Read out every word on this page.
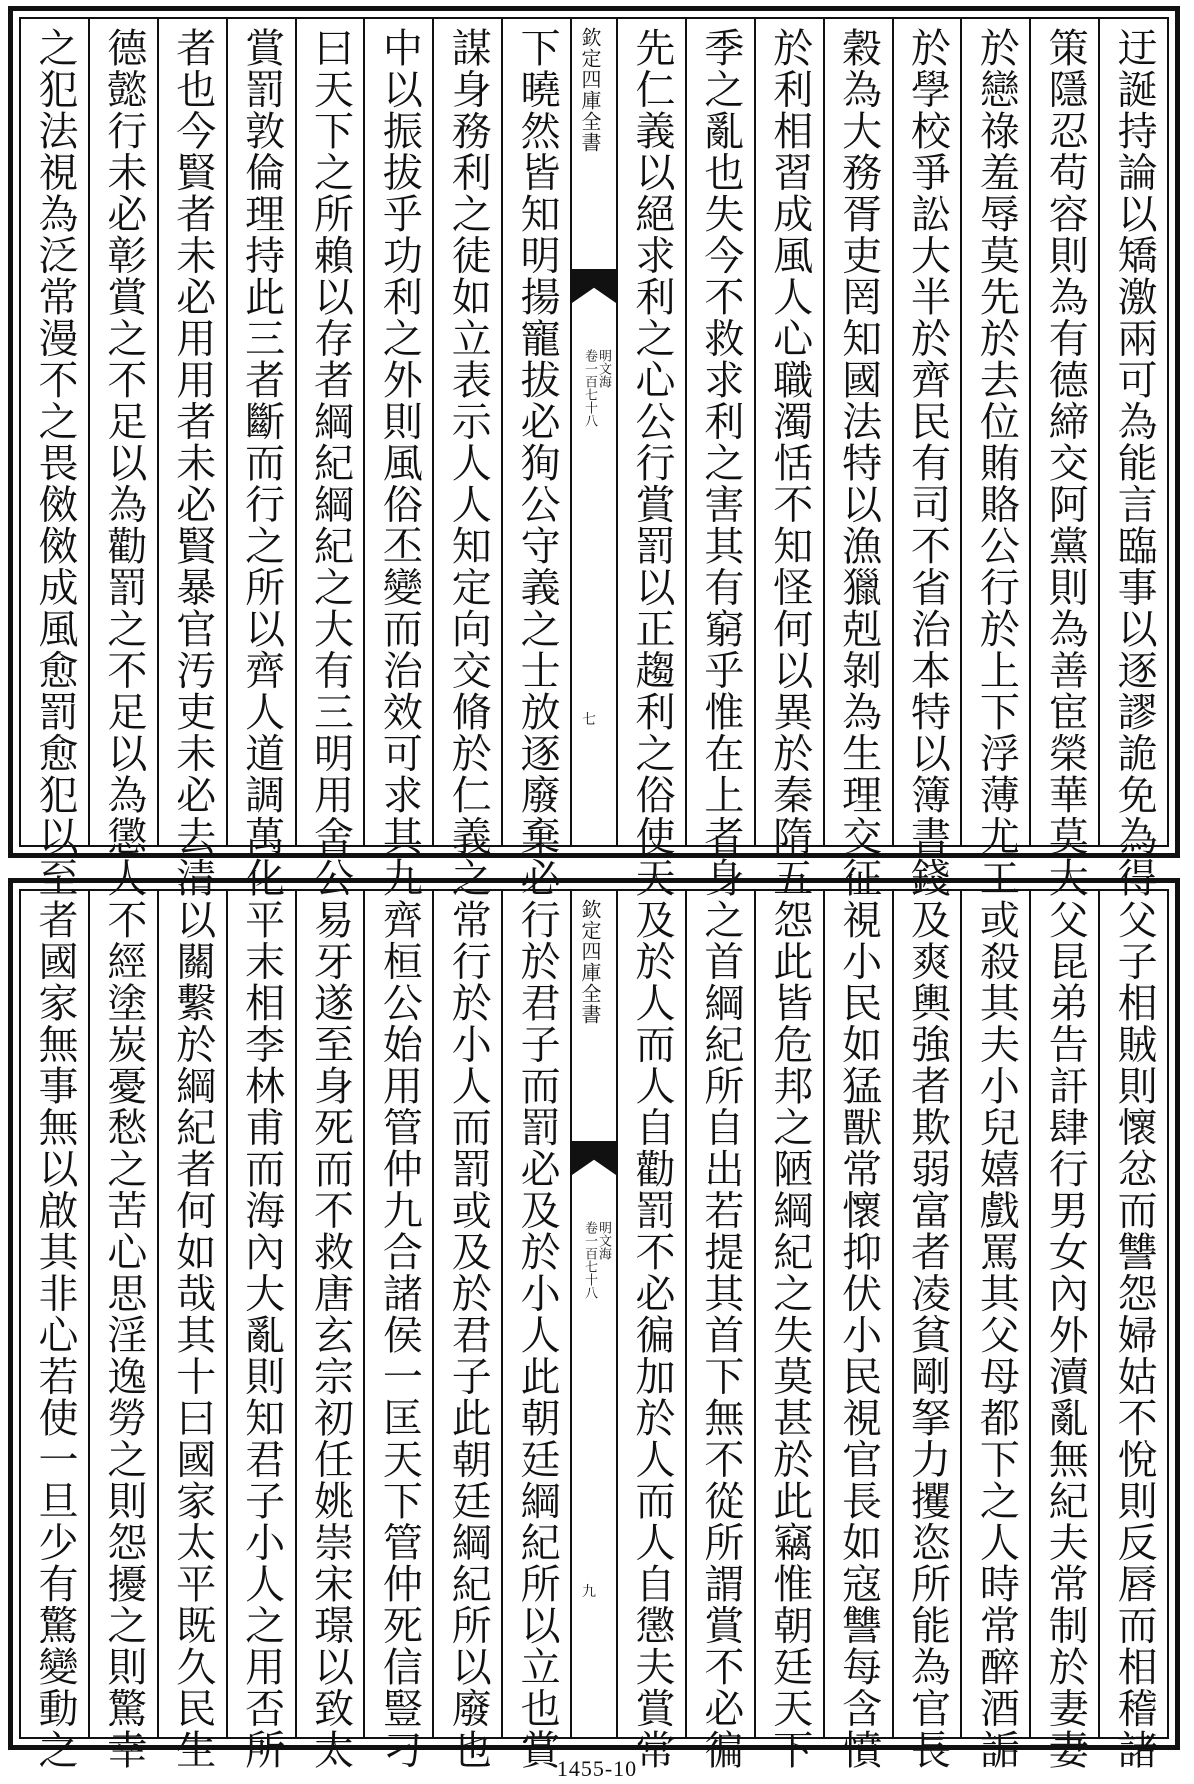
迂誕持論以矯激兩可為能言臨事以逐謬詭免為得
策隱忍苟容則為有德締交阿黨則為善宦榮華莫大
於戀祿羞辱莫先於去位賄賂公行於上下浮薄尤工
於學校爭訟大半於齊民有司不省治本特以簿書錢
穀為大務胥吏罔知國法特以漁獵剋剝為生理交征
於利相習成風人心職濁恬不知怪何以異於秦隋五
季之亂也失今不救求利之害其有窮乎惟在上者身
先仁義以絕求利之心公行賞罰以正趨利之俗使天
欽定四庫全書
卷一百七十八 明文海
七
下曉然皆知明揚寵拔必狥公守義之士放逐廢棄必
謀身務利之徒如立表示人人知定向交脩於仁義之
中以振拔乎功利之外則風俗丕變而治效可求其九
曰天下之所賴以存者綱紀綱紀之大有三明用舍公
賞罰敦倫理持此三者斷而行之所以齊人道調萬化
者也今賢者未必用用者未必賢暴官汚吏未必去清
德懿行未必彰賞之不足以為勸罰之不足以為懲人
之犯法視為泛常漫不之畏傚傚成風愈罰愈犯以至
父子相賊則懷忿而讐怨婦姑不悅則反唇而相稽諸
父昆弟告訐肆行男女內外瀆亂無紀夫常制於妻妻
或殺其夫小兒嬉戲罵其父母都下之人時常醉酒詬
及爽輿強者欺弱富者凌貧剛拏力攫恣所能為官長
視小民如猛獸常懷抑伏小民視官長如寇讐每含憤
怨此皆危邦之陋綱紀之失莫甚於此竊惟朝廷天下
之首綱紀所自出若提其首下無不從所謂賞不必徧
及於人而人自勸罰不必徧加於人而人自懲夫賞常
欽定四庫全書
卷一百七十八 明文海
九
行於君子而罰必及於小人此朝廷綱紀所以立也賞
常行於小人而罰或及於君子此朝廷綱紀所以廢也
齊桓公始用管仲九合諸侯一匡天下管仲死信豎刁
易牙遂至身死而不救唐玄宗初任姚崇宋璟以致太
平末相李林甫而海內大亂則知君子小人之用否所
以關繫於綱紀者何如哉其十曰國家太平既久民生
不經塗炭憂愁之苦心思淫逸勞之則怨擾之則驚幸
者國家無事無以啟其非心若使一旦少有驚變動之	1455-10
